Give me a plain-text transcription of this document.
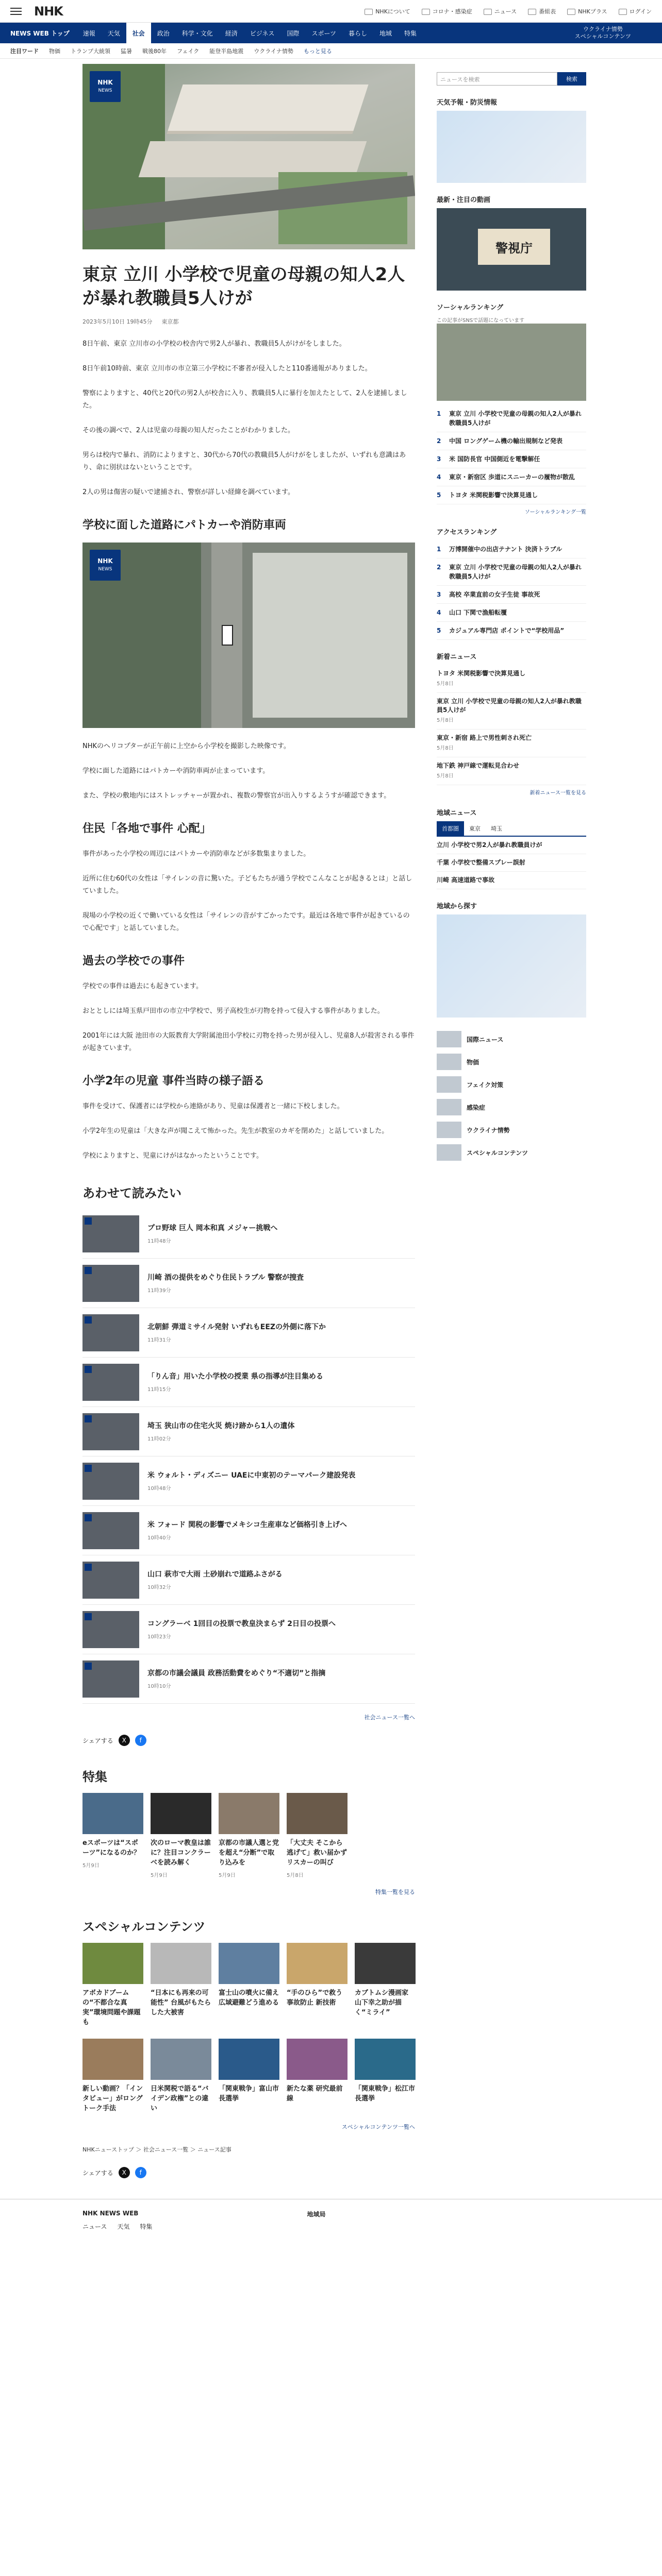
NHK	NHKについて	コロナ・感染症	ニュース	番組表	NHKプラス	ログイン
NEWS WEB トップ	速報	天気	社会	政治	科学・文化	経済	ビジネス	国際	スポーツ	暮らし	地域	特集
ウクライナ情勢
スペシャルコンテンツ
注目ワード 物価 トランプ大統領 猛暑 戦後80年 フェイク 能登半島地震 ウクライナ情勢 もっと見る
NHK
NEWS
東京 立川 小学校で児童の母親の知人2人が暴れ教職員5人けが
2023年5月10日 19時45分 東京都

8日午前、東京 立川市の小学校の校舎内で男2人が暴れ、教職員5人がけがをしました。

8日午前10時前、東京 立川市の市立第三小学校に不審者が侵入したと110番通報がありました。

警察によりますと、40代と20代の男2人が校舎に入り、教職員5人に暴行を加えたとして、2人を逮捕しました。

その後の調べで、2人は児童の母親の知人だったことがわかりました。

男らは校内で暴れ、消防によりますと、30代から70代の教職員5人がけがをしましたが、いずれも意識はあり、命に別状はないということです。

2人の男は傷害の疑いで逮捕され、警察が詳しい経緯を調べています。

学校に面した道路にパトカーや消防車両
NHK
NEWS

NHKのヘリコプターが正午前に上空から小学校を撮影した映像です。

学校に面した道路にはパトカーや消防車両が止まっています。

また、学校の敷地内にはストレッチャーが置かれ、複数の警察官が出入りするようすが確認できます。

住民「各地で事件 心配」

事件があった小学校の周辺にはパトカーや消防車などが多数集まりました。

近所に住む60代の女性は「サイレンの音に驚いた。子どもたちが通う学校でこんなことが起きるとは」と話していました。

現場の小学校の近くで働いている女性は「サイレンの音がすごかったです。最近は各地で事件が起きているので心配です」と話していました。

過去の学校での事件

学校での事件は過去にも起きています。

おととしには埼玉県戸田市の市立中学校で、男子高校生が刃物を持って侵入する事件がありました。

2001年には大阪 池田市の大阪教育大学附属池田小学校に刃物を持った男が侵入し、児童8人が殺害される事件が起きています。

小学2年の児童 事件当時の様子語る

事件を受けて、保護者には学校から連絡があり、児童は保護者と一緒に下校しました。

小学2年生の児童は「大きな声が聞こえて怖かった。先生が教室のカギを閉めた」と話していました。

学校によりますと、児童にけがはなかったということです。

あわせて読みたい
プロ野球 巨人 岡本和真 メジャー挑戦へ
11時48分
川崎 酒の提供をめぐり住民トラブル 警察が捜査
11時39分
北朝鮮 弾道ミサイル発射 いずれもEEZの外側に落下か
11時31分
「りん音」用いた小学校の授業 県の指導が注目集める
11時15分
埼玉 狭山市の住宅火災 焼け跡から1人の遺体
11時02分
米 ウォルト・ディズニー UAEに中東初のテーマパーク建設発表
10時48分
米 フォード 関税の影響でメキシコ生産車など価格引き上げへ
10時40分
山口 萩市で大雨 土砂崩れで道路ふさがる
10時32分
コングラーベ 1回目の投票で教皇決まらず 2日目の投票へ
10時23分
京都の市議会議員 政務活動費をめぐり“不適切”と指摘
10時10分
社会ニュース一覧へ
シェアする	X	f
特集
eスポーツは“スポーツ”になるのか？
5月9日
次のローマ教皇は誰に？注目コンクラーベを読み解く
5月9日
京都の市議人選と党を超え“分断”で取り込みを
5月9日
「大丈夫 そこから逃げて」救い届かずリスカーの叫び
5月8日
特集一覧を見る
スペシャルコンテンツ
アボカドブームの“不都合な真実”環境問題や課題も
“日本にも再来の可能性” 台風がもたらした大被害
富士山の噴火に備え広域避難どう進める
“手のひら”で救う 事故防止 新技術
カブトムシ漫画家 山下幸之助が描く“ミライ”
新しい動画？「インタビュー」がロングトーク手法
日米関税で語る“バイデン政権”との違い
「関東戦争」富山市長選挙
新たな薬 研究最前線
「関東戦争」松江市長選挙
スペシャルコンテンツ一覧へ
NHKニューストップ ＞ 社会ニュース一覧 ＞ ニュース記事
シェアする	X	f
ニュースを検索	検索
天気予報・防災情報
最新・注目の動画
警視庁
ソーシャルランキング
この記事がSNSで話題になっています
1	東京 立川 小学校で児童の母親の知人2人が暴れ教職員5人けが
2	中国 ロングゲーム機の輸出規制など発表
3	米 国防長官 中国側近を電撃解任
4	東京・新宿区 歩道にスニーカーの履物が散乱
5	トヨタ 米関税影響で決算見通し
ソーシャルランキング一覧
アクセスランキング
1	万博開催中の出店テナント 決済トラブル
2	東京 立川 小学校で児童の母親の知人2人が暴れ教職員5人けが
3	高校 卒業直前の女子生徒 事故死
4	山口 下関で漁船転覆
5	カジュアル専門店 ポイントで“学校用品”
新着ニュース
トヨタ 米関税影響で決算見通し
5月8日
東京 立川 小学校で児童の母親の知人2人が暴れ教職員5人けが
5月8日
東京・新宿 路上で男性刺され死亡
5月8日
地下鉄 神戸線で運転見合わせ
5月8日
新着ニュース一覧を見る
地域ニュース
首都圏	東京	埼玉
立川 小学校で男2人が暴れ教職員けが
千葉 小学校で整備スプレー誤射
川崎 高速道路で事故
地域から探す
国際ニュース
物価
フェイク対策
感染症
ウクライナ情勢
スペシャルコンテンツ
NHK NEWS WEB
ニュース 天気 特集
地域局
